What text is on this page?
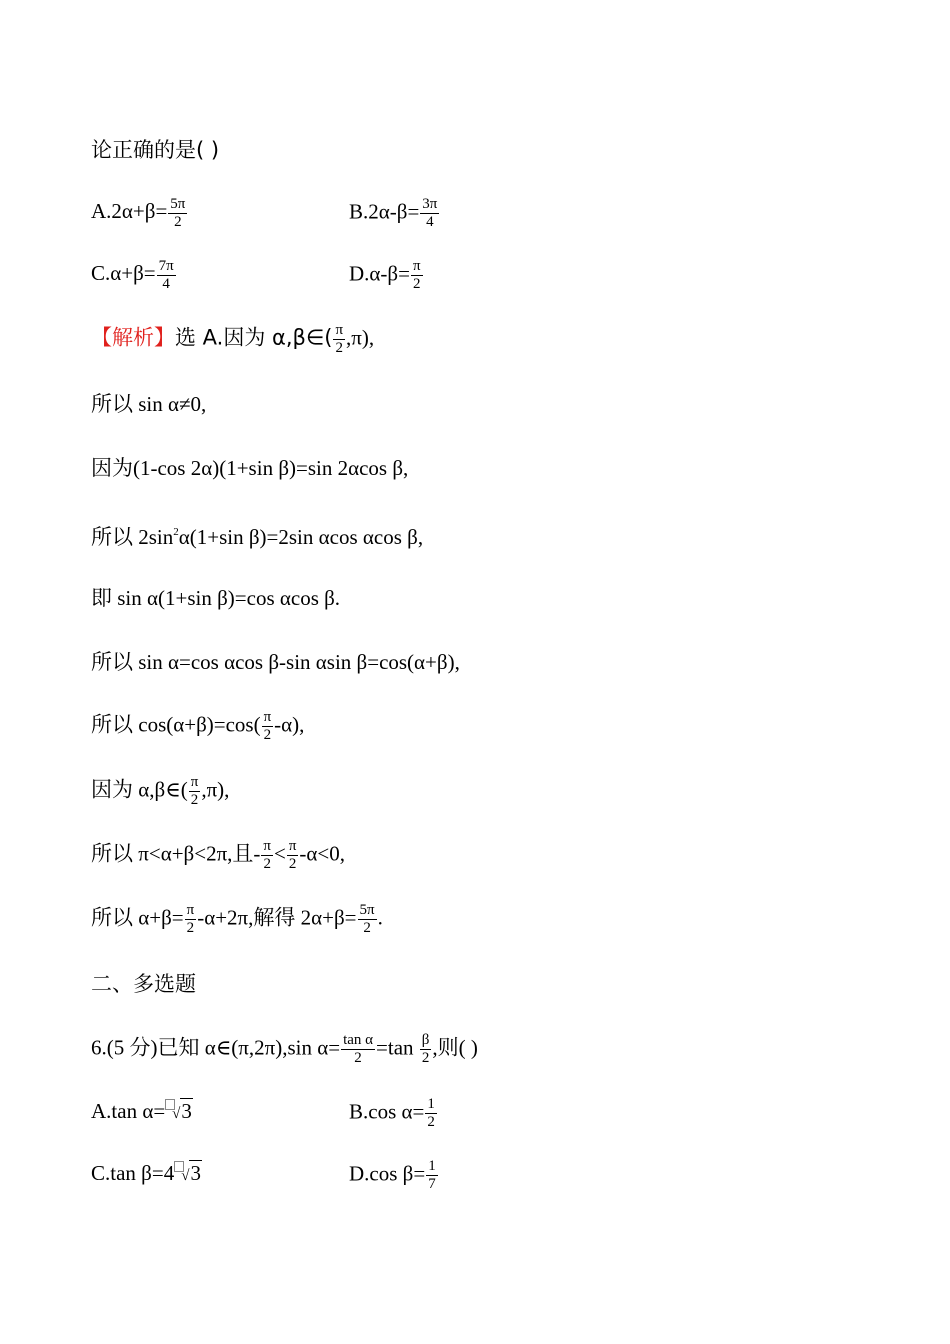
论正确的是( )
$A.2\alpha+\beta= \frac{5\pi}{2}$	$B.2\alpha-\beta= \frac{3\pi}{4}$
$C.\alpha+\beta= \frac{7\pi}{4}$	$D.\alpha-\beta= \frac{\pi}{2}$
【解析】选 A.因为 α,β∈( $\frac{\pi}{2} ,\pi$),
所以 sin α≠0,
因为(1-cos 2α)(1+sin β)=sin 2αcos β,
所以 $2\sin^2\alpha(1+\sin$ β)=2sin αcos αcos β,
即 sin α(1+sin β)=cos αcos β.
所以 sin α=cos αcos β-sin αsin β=cos(α+β),
所以 $\cos(\alpha+\beta)=\cos( \frac{\pi}{2} -\alpha)$,
因为 α,β∈( $\frac{\pi}{2} ,\pi$),
所以 π<α+β<2π,且- $\frac{\pi}{2} < \frac{\pi}{2} -\alpha<0$,
所以 $\alpha+\beta= \frac{\pi}{2} -\alpha+2\pi$,解得 $2\alpha+\beta= \frac{5\pi}{2}$ .
二、多选题
6.(5 分)已知 α∈(π,2π),sin $\alpha= \frac{\text{tan α}}{2} =\tan \frac{\beta}{2}$ ,则( )
A.tan α= √3	B.cos $\alpha= \frac{1}{2}$
C.tan β=4 √3	D.cos $\beta= \frac{1}{7}$
